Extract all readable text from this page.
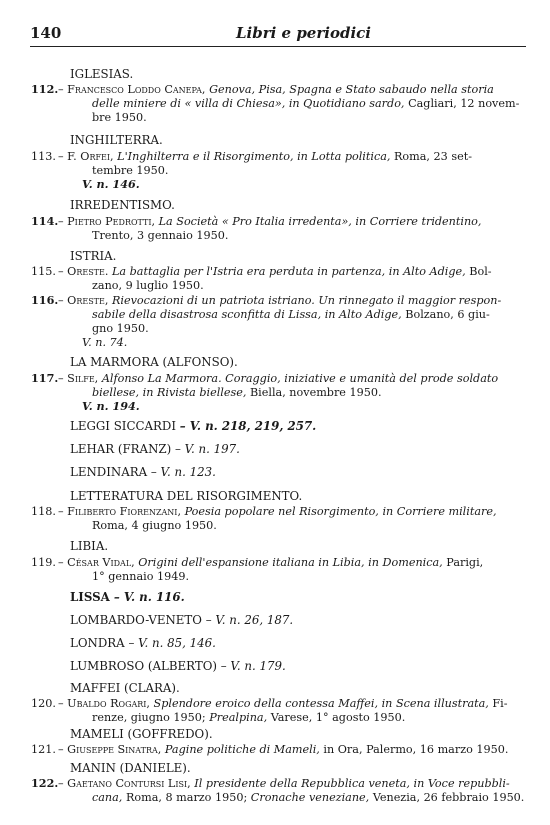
140	Libri e periodici
IGLESIAS.
112. – Francesco Loddo Canepa, Genova, Pisa, Spagna e Stato sabaudo nella storia
delle miniere di « villa di Chiesa», in Quotidiano sardo, Cagliari, 12 novem-
bre 1950.
INGHILTERRA.
113. – F. Orfei, L'Inghilterra e il Risorgimento, in Lotta politica, Roma, 23 set-
tembre 1950.
V. n. 146.
IRREDENTISMO.
114. – Pietro Pedrotti, La Società « Pro Italia irredenta», in Corriere tridentino,
Trento, 3 gennaio 1950.
ISTRIA.
115. – Oreste. La battaglia per l'Istria era perduta in partenza, in Alto Adige, Bol-
zano, 9 luglio 1950.
116. – Oreste, Rievocazioni di un patriota istriano. Un rinnegato il maggior respon-
sabile della disastrosa sconfitta di Lissa, in Alto Adige, Bolzano, 6 giu-
gno 1950.
V. n. 74.
LA MARMORA (ALFONSO).
117. – Silfe, Alfonso La Marmora. Coraggio, iniziative e umanità del prode soldato
biellese, in Rivista biellese, Biella, novembre 1950.
V. n. 194.
LEGGI SICCARDI – V. n. 218, 219, 257.
LEHAR (FRANZ) – V. n. 197.
LENDINARA – V. n. 123.
LETTERATURA DEL RISORGIMENTO.
118. – Filiberto Fiorenzani, Poesia popolare nel Risorgimento, in Corriere militare,
Roma, 4 giugno 1950.
LIBIA.
119. – César Vidal, Origini dell'espansione italiana in Libia, in Domenica, Parigi,
1° gennaio 1949.
LISSA – V. n. 116.
LOMBARDO-VENETO – V. n. 26, 187.
LONDRA – V. n. 85, 146.
LUMBROSO (ALBERTO) – V. n. 179.
MAFFEI (CLARA).
120. – Ubaldo Rogari, Splendore eroico della contessa Maffei, in Scena illustrata, Fi-
renze, giugno 1950; Prealpina, Varese, 1° agosto 1950.
MAMELI (GOFFREDO).
121. – Giuseppe Sinatra, Pagine politiche di Mameli, in Ora, Palermo, 16 marzo 1950.
MANIN (DANIELE).
122. – Gaetano Contursi Lisi, Il presidente della Repubblica veneta, in Voce repubbli-
cana, Roma, 8 marzo 1950; Cronache veneziane, Venezia, 26 febbraio 1950.
